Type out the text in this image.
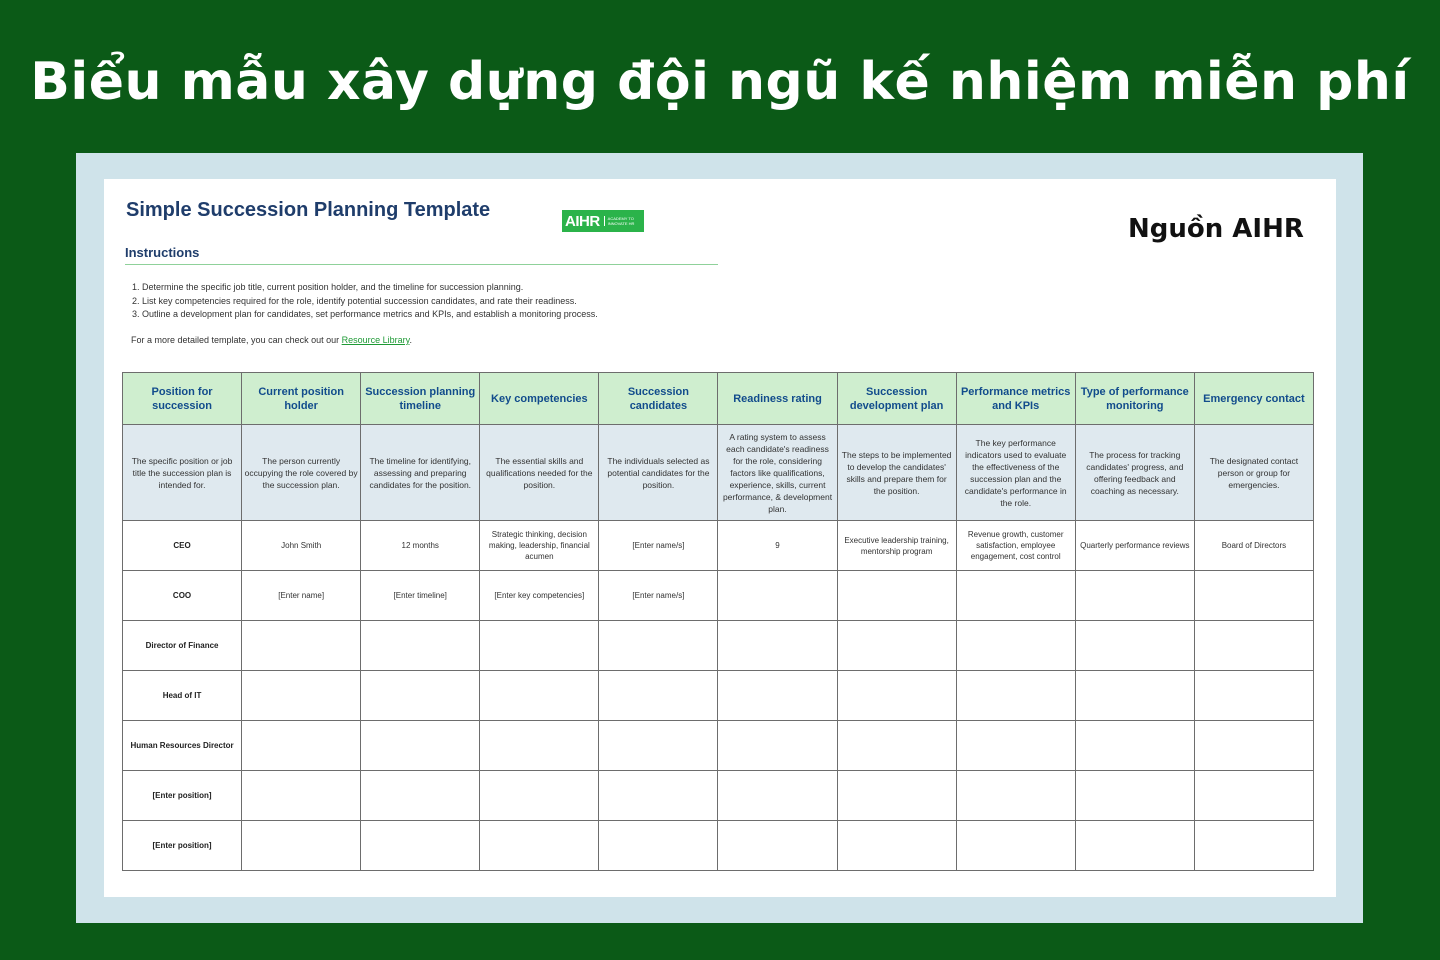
Biểu mẫu xây dựng đội ngũ kế nhiệm miễn phí
Simple Succession Planning Template	AIHR	ACADEMY TO INNOVATE HR	Nguồn AIHR
Instructions
1. Determine the specific job title, current position holder, and the timeline for succession planning.
2. List key competencies required for the role, identify potential succession candidates, and rate their readiness.
3. Outline a development plan for candidates, set performance metrics and KPIs, and establish a monitoring process.
For a more detailed template, you can check out our Resource Library.
Position for succession	Current position holder	Succession planning timeline	Key competencies	Succession candidates	Readiness rating	Succession development plan	Performance metrics and KPIs	Type of performance monitoring	Emergency contact
The specific position or job title the succession plan is intended for.	The person currently occupying the role covered by the succession plan.	The timeline for identifying, assessing and preparing candidates for the position.	The essential skills and qualifications needed for the position.	The individuals selected as potential candidates for the position.	A rating system to assess each candidate's readiness for the role, considering factors like qualifications, experience, skills, current performance, & development plan.	The steps to be implemented to develop the candidates' skills and prepare them for the position.	The key performance indicators used to evaluate the effectiveness of the succession plan and the candidate's performance in the role.	The process for tracking candidates' progress, and offering feedback and coaching as necessary.	The designated contact person or group for emergencies.
CEO	John Smith	12 months	Strategic thinking, decision making, leadership, financial acumen	[Enter name/s]	9	Executive leadership training, mentorship program	Revenue growth, customer satisfaction, employee engagement, cost control	Quarterly performance reviews	Board of Directors
COO	[Enter name]	[Enter timeline]	[Enter key competencies]	[Enter name/s]					
Director of Finance									
Head of IT									
Human Resources Director									
[Enter position]									
[Enter position]									
